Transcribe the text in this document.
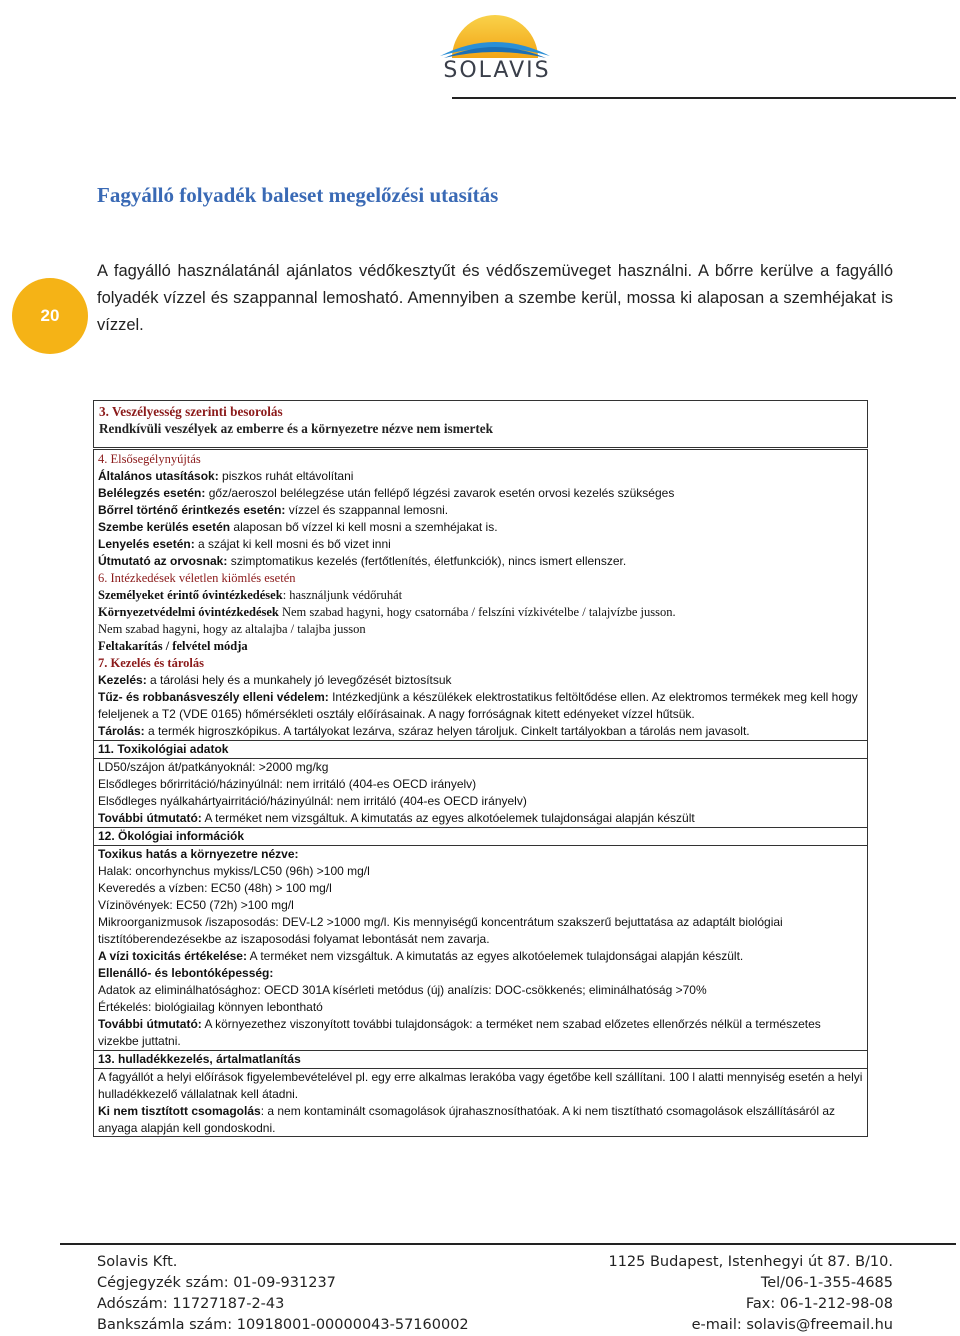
SOLAVIS
20
Fagyálló folyadék baleset megelőzési utasítás
A fagyálló használatánál ajánlatos védőkesztyűt és védőszemüveget használni. A bőrre kerülve a fagyálló folyadék vízzel és szappannal lemosható. Amennyiben a szembe kerül, mossa ki alaposan a szemhéjakat is vízzel.
3. Veszélyesség szerinti besorolás
Rendkívüli veszélyek az emberre és a környezetre nézve nem ismertek
4. Elsősegélynyújtás
Általános utasítások: piszkos ruhát eltávolítani
Belélegzés esetén: gőz/aeroszol belélegzése után fellépő légzési zavarok esetén orvosi kezelés szükséges
Bőrrel történő érintkezés esetén: vízzel és szappannal lemosni.
Szembe kerülés esetén alaposan bő vízzel ki kell mosni a szemhéjakat is.
Lenyelés esetén: a szájat ki kell mosni és bő vizet inni
Útmutató az orvosnak: szimptomatikus kezelés (fertőtlenítés, életfunkciók), nincs ismert ellenszer.
6. Intézkedések véletlen kiömlés esetén
Személyeket érintő óvintézkedések: használjunk védőruhát
Környezetvédelmi óvintézkedések Nem szabad hagyni, hogy csatornába / felszíni vízkivételbe / talajvízbe jusson.
Nem szabad hagyni, hogy az altalajba / talajba jusson
Feltakarítás / felvétel módja
7. Kezelés és tárolás
Kezelés: a tárolási hely és a munkahely jó levegőzését biztosítsuk
Tűz- és robbanásveszély elleni védelem: Intézkedjünk a készülékek elektrostatikus feltöltődése ellen. Az elektromos termékek meg kell hogy feleljenek a T2 (VDE 0165) hőmérsékleti osztály előírásainak. A nagy forróságnak kitett edényeket vízzel hűtsük.
Tárolás: a termék higroszkópikus. A tartályokat lezárva, száraz helyen tároljuk. Cinkelt tartályokban a tárolás nem javasolt.
11. Toxikológiai adatok
LD50/szájon át/patkányoknál: >2000 mg/kg
Elsődleges bőrirritáció/házinyúlnál: nem irritáló (404-es OECD irányelv)
Elsődleges nyálkahártyairritáció/házinyúlnál: nem irritáló (404-es OECD irányelv)
További útmutató: A terméket nem vizsgáltuk. A kimutatás az egyes alkotóelemek tulajdonságai alapján készült
12. Ökológiai információk
Toxikus hatás a környezetre nézve:
Halak: oncorhynchus mykiss/LC50 (96h) >100 mg/l
Keveredés a vízben: EC50 (48h) > 100 mg/l
Vízinövények: EC50 (72h) >100 mg/l
Mikroorganizmusok /iszaposodás: DEV-L2 >1000 mg/l. Kis mennyiségű koncentrátum szakszerű bejuttatása az adaptált biológiai tisztítóberendezésekbe az iszaposodási folyamat lebontását nem zavarja.
A vízi toxicitás értékelése: A terméket nem vizsgáltuk. A kimutatás az egyes alkotóelemek tulajdonságai alapján készült.
Ellenálló- és lebontóképesség:
Adatok az eliminálhatósághoz: OECD 301A kísérleti metódus (új) analízis: DOC-csökkenés; eliminálhatóság >70%
Értékelés: biológiailag könnyen lebontható
További útmutató: A környezethez viszonyított további tulajdonságok: a terméket nem szabad előzetes ellenőrzés nélkül a természetes vizekbe juttatni.
13. hulladékkezelés, ártalmatlanítás
A fagyállót a helyi előírások figyelembevételével pl. egy erre alkalmas lerakóba vagy égetőbe kell szállítani. 100 l alatti mennyiség esetén a helyi hulladékkezelő vállalatnak kell átadni.
Ki nem tisztított csomagolás: a nem kontaminált csomagolások újrahasznosíthatóak. A ki nem tisztítható csomagolások elszállításáról az anyaga alapján kell gondoskodni.
Solavis Kft.
Cégjegyzék szám: 01-09-931237
Adószám: 11727187-2-43
Bankszámla szám: 10918001-00000043-57160002
1125 Budapest, Istenhegyi út 87. B/10.
Tel/06-1-355-4685
Fax: 06-1-212-98-08
e-mail: solavis@freemail.hu
